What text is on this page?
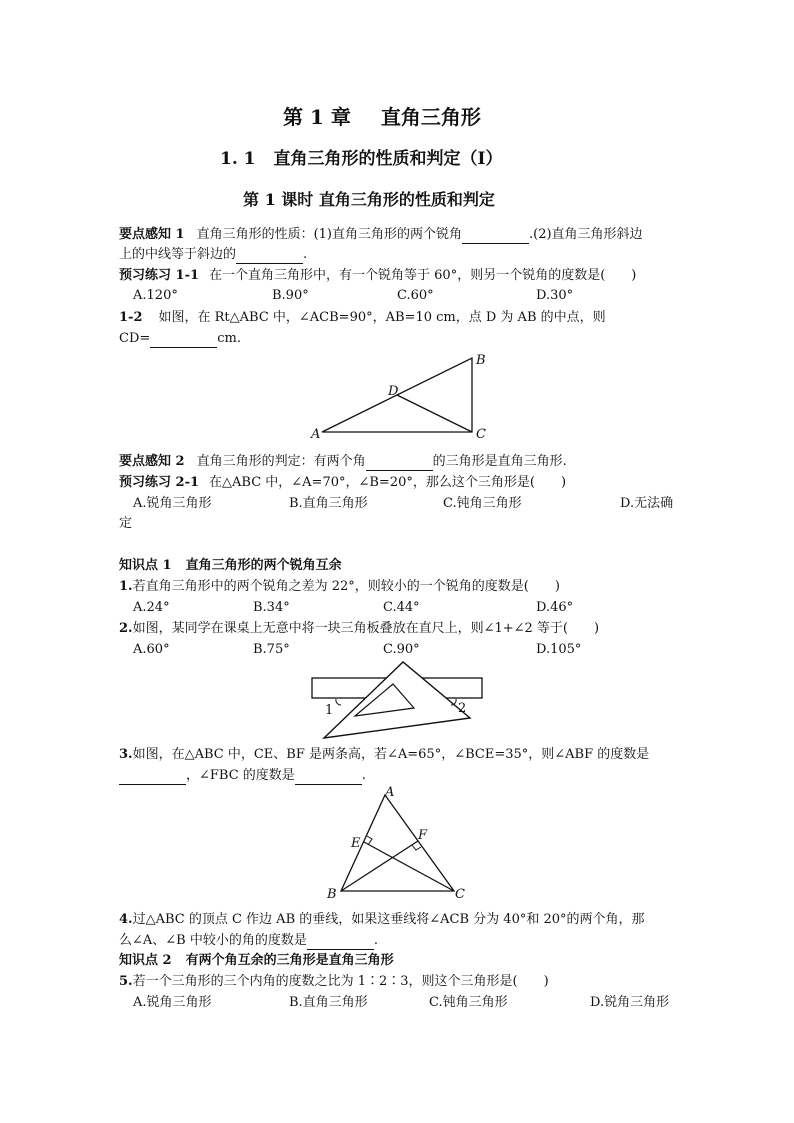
第 1 章 直角三角形
1. 1 直角三角形的性质和判定（Ⅰ）
第 1 课时 直角三角形的性质和判定
要点感知 1 直角三角形的性质：(1)直角三角形的两个锐角	.(2)直角三角形斜边
上的中线等于斜边的	.
预习练习 1-1 在一个直角三角形中，有一个锐角等于 60°，则另一个锐角的度数是(　　)
A.120°	B.90°	C.60°	D.30°
1-2 如图，在 Rt△ABC 中，∠ACB=90°，AB=10 cm，点 D 为 AB 的中点，则
CD=	cm.
A
B
C
D
要点感知 2 直角三角形的判定：有两个角	的三角形是直角三角形.
预习练习 2-1 在△ABC 中，∠A=70°，∠B=20°，那么这个三角形是(　　)
A.锐角三角形	B.直角三角形	C.钝角三角形	D.无法确
定
知识点 1 直角三角形的两个锐角互余
1.若直角三角形中的两个锐角之差为 22°，则较小的一个锐角的度数是(　　)
A.24°	B.34°	C.44°	D.46°
2.如图，某同学在课桌上无意中将一块三角板叠放在直尺上，则∠1+∠2 等于(　　)
A.60°	B.75°	C.90°	D.105°
1	2
3.如图，在△ABC 中，CE、BF 是两条高，若∠A=65°，∠BCE=35°，则∠ABF 的度数是
，∠FBC 的度数是	.
A
B	C
E
F
4.过△ABC 的顶点 C 作边 AB 的垂线，如果这垂线将∠ACB 分为 40°和 20°的两个角，那
么∠A、∠B 中较小的角的度数是	.
知识点 2 有两个角互余的三角形是直角三角形
5.若一个三角形的三个内角的度数之比为 1∶2∶3，则这个三角形是(　　)
A.锐角三角形	B.直角三角形	C.钝角三角形	D.锐角三角形
